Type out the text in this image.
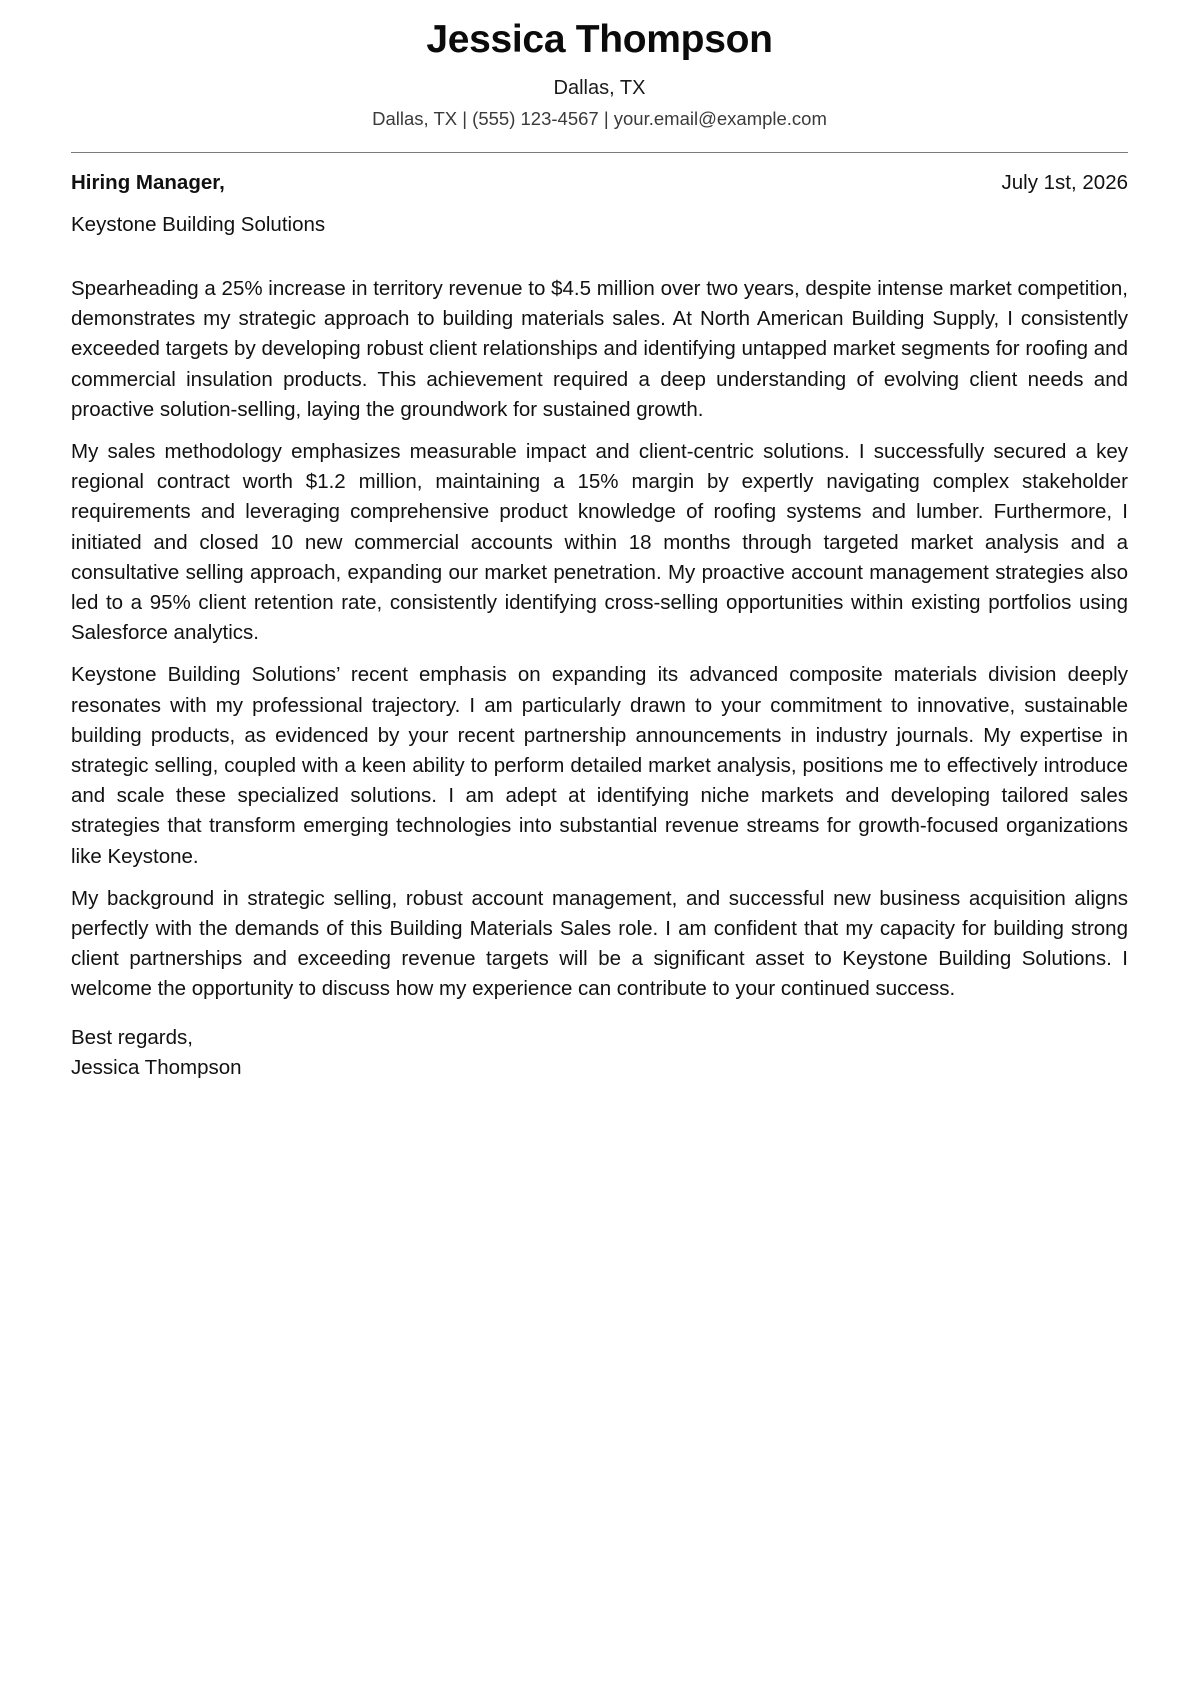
Jessica Thompson
Dallas, TX
Dallas, TX | (555) 123-4567 | your.email@example.com
Hiring Manager,	July 1st, 2026
Keystone Building Solutions

Spearheading a 25% increase in territory revenue to $4.5 million over two years, despite intense market competition, demonstrates my strategic approach to building materials sales. At North American Building Supply, I consistently exceeded targets by developing robust client relationships and identifying untapped market segments for roofing and commercial insulation products. This achievement required a deep understanding of evolving client needs and proactive solution-selling, laying the groundwork for sustained growth.

My sales methodology emphasizes measurable impact and client-centric solutions. I successfully secured a key regional contract worth $1.2 million, maintaining a 15% margin by expertly navigating complex stakeholder requirements and leveraging comprehensive product knowledge of roofing systems and lumber. Furthermore, I initiated and closed 10 new commercial accounts within 18 months through targeted market analysis and a consultative selling approach, expanding our market penetration. My proactive account management strategies also led to a 95% client retention rate, consistently identifying cross-selling opportunities within existing portfolios using Salesforce analytics.

Keystone Building Solutions’ recent emphasis on expanding its advanced composite materials division deeply resonates with my professional trajectory. I am particularly drawn to your commitment to innovative, sustainable building products, as evidenced by your recent partnership announcements in industry journals. My expertise in strategic selling, coupled with a keen ability to perform detailed market analysis, positions me to effectively introduce and scale these specialized solutions. I am adept at identifying niche markets and developing tailored sales strategies that transform emerging technologies into substantial revenue streams for growth-focused organizations like Keystone.

My background in strategic selling, robust account management, and successful new business acquisition aligns perfectly with the demands of this Building Materials Sales role. I am confident that my capacity for building strong client partnerships and exceeding revenue targets will be a significant asset to Keystone Building Solutions. I welcome the opportunity to discuss how my experience can contribute to your continued success.

Best regards,
Jessica Thompson
